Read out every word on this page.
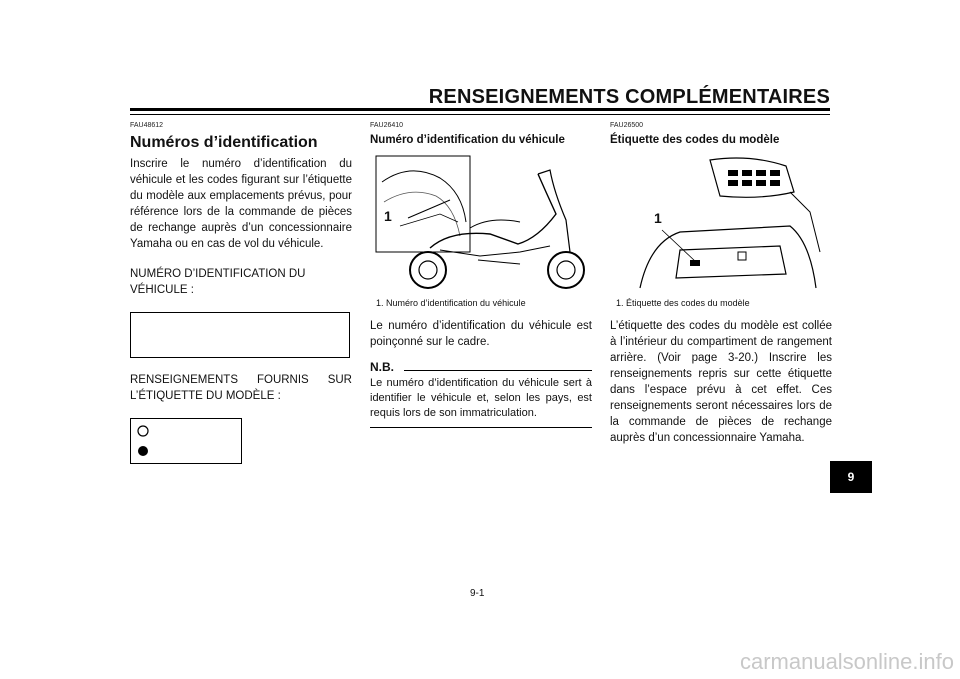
RENSEIGNEMENTS COMPLÉMENTAIRES
FAU48612
Numéros d’identification

Inscrire le numéro d’identification du véhicule et les codes figurant sur l’étiquette du modèle aux emplacements prévus, pour référence lors de la commande de pièces de rechange auprès d’un concessionnaire Yamaha ou en cas de vol du véhicule.

NUMÉRO D’IDENTIFICATION DU
VÉHICULE :
RENSEIGNEMENTS FOURNIS SUR
L’ÉTIQUETTE DU MODÈLE :
FAU26410
Numéro d’identification du véhicule
1
1. Numéro d’identification du véhicule

Le numéro d’identification du véhicule est poinçonné sur le cadre.

N.B.

Le numéro d’identification du véhicule sert à identifier le véhicule et, selon les pays, est requis lors de son immatriculation.

FAU26500
Étiquette des codes du modèle
1
1. Étiquette des codes du modèle

L’étiquette des codes du modèle est collée à l’intérieur du compartiment de rangement arrière. (Voir page 3-20.) Inscrire les renseignements repris sur cette étiquette dans l’espace prévu à cet effet. Ces renseignements seront nécessaires lors de la commande de pièces de rechange auprès d’un concessionnaire Yamaha.

9
9-1
carmanualsonline.info
